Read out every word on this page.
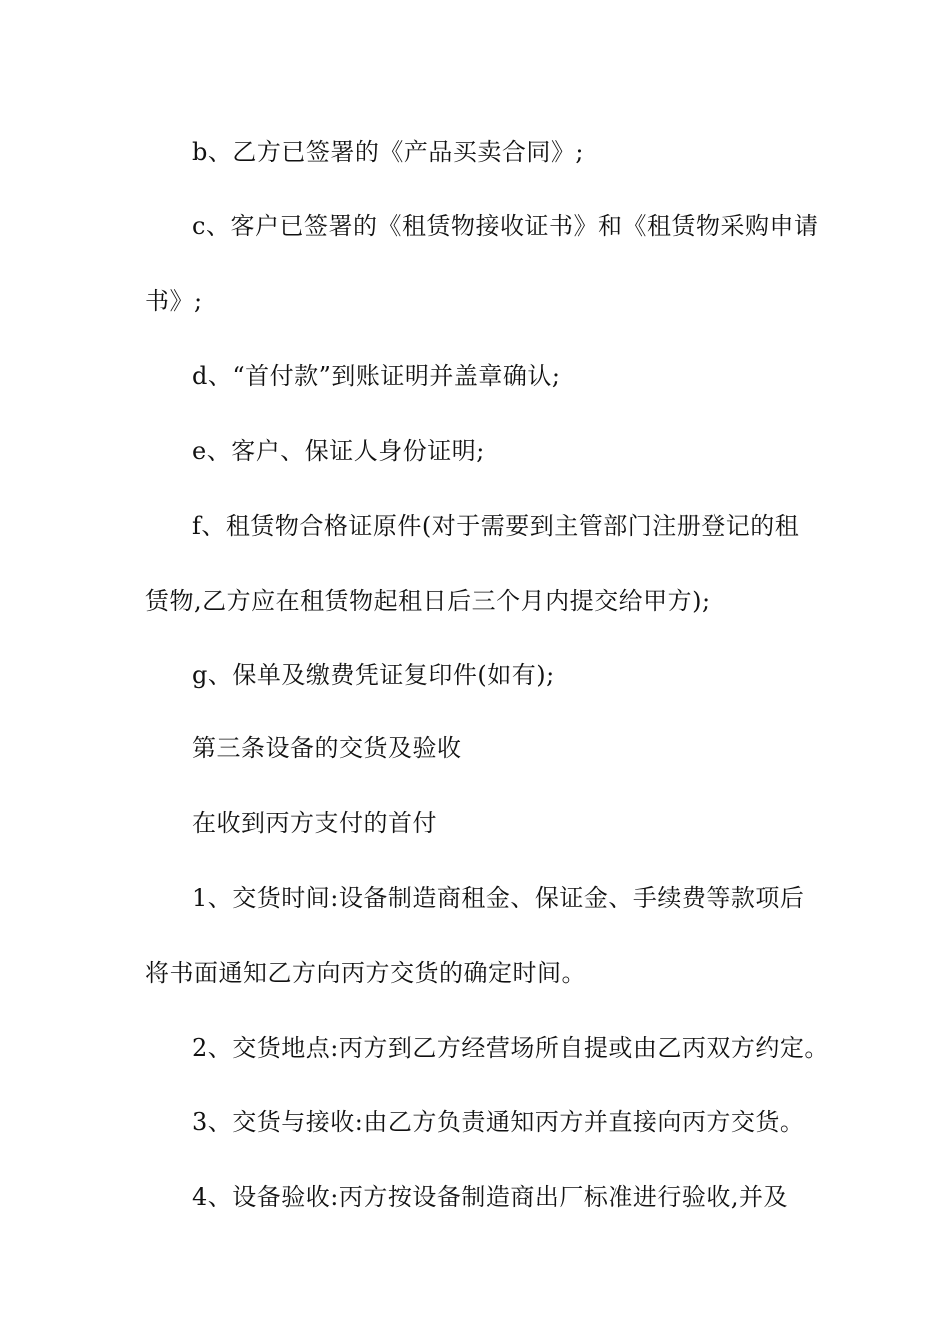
b、乙方已签署的《产品买卖合同》;
c、客户已签署的《租赁物接收证书》和《租赁物采购申请
书》;
d、“首付款”到账证明并盖章确认;
e、客户、保证人身份证明;
f、租赁物合格证原件(对于需要到主管部门注册登记的租
赁物,乙方应在租赁物起租日后三个月内提交给甲方);
g、保单及缴费凭证复印件(如有);
第三条设备的交货及验收
在收到丙方支付的首付
1、交货时间:设备制造商租金、保证金、手续费等款项后
将书面通知乙方向丙方交货的确定时间。
2、交货地点:丙方到乙方经营场所自提或由乙丙双方约定。
3、交货与接收:由乙方负责通知丙方并直接向丙方交货。
4、设备验收:丙方按设备制造商出厂标准进行验收,并及
